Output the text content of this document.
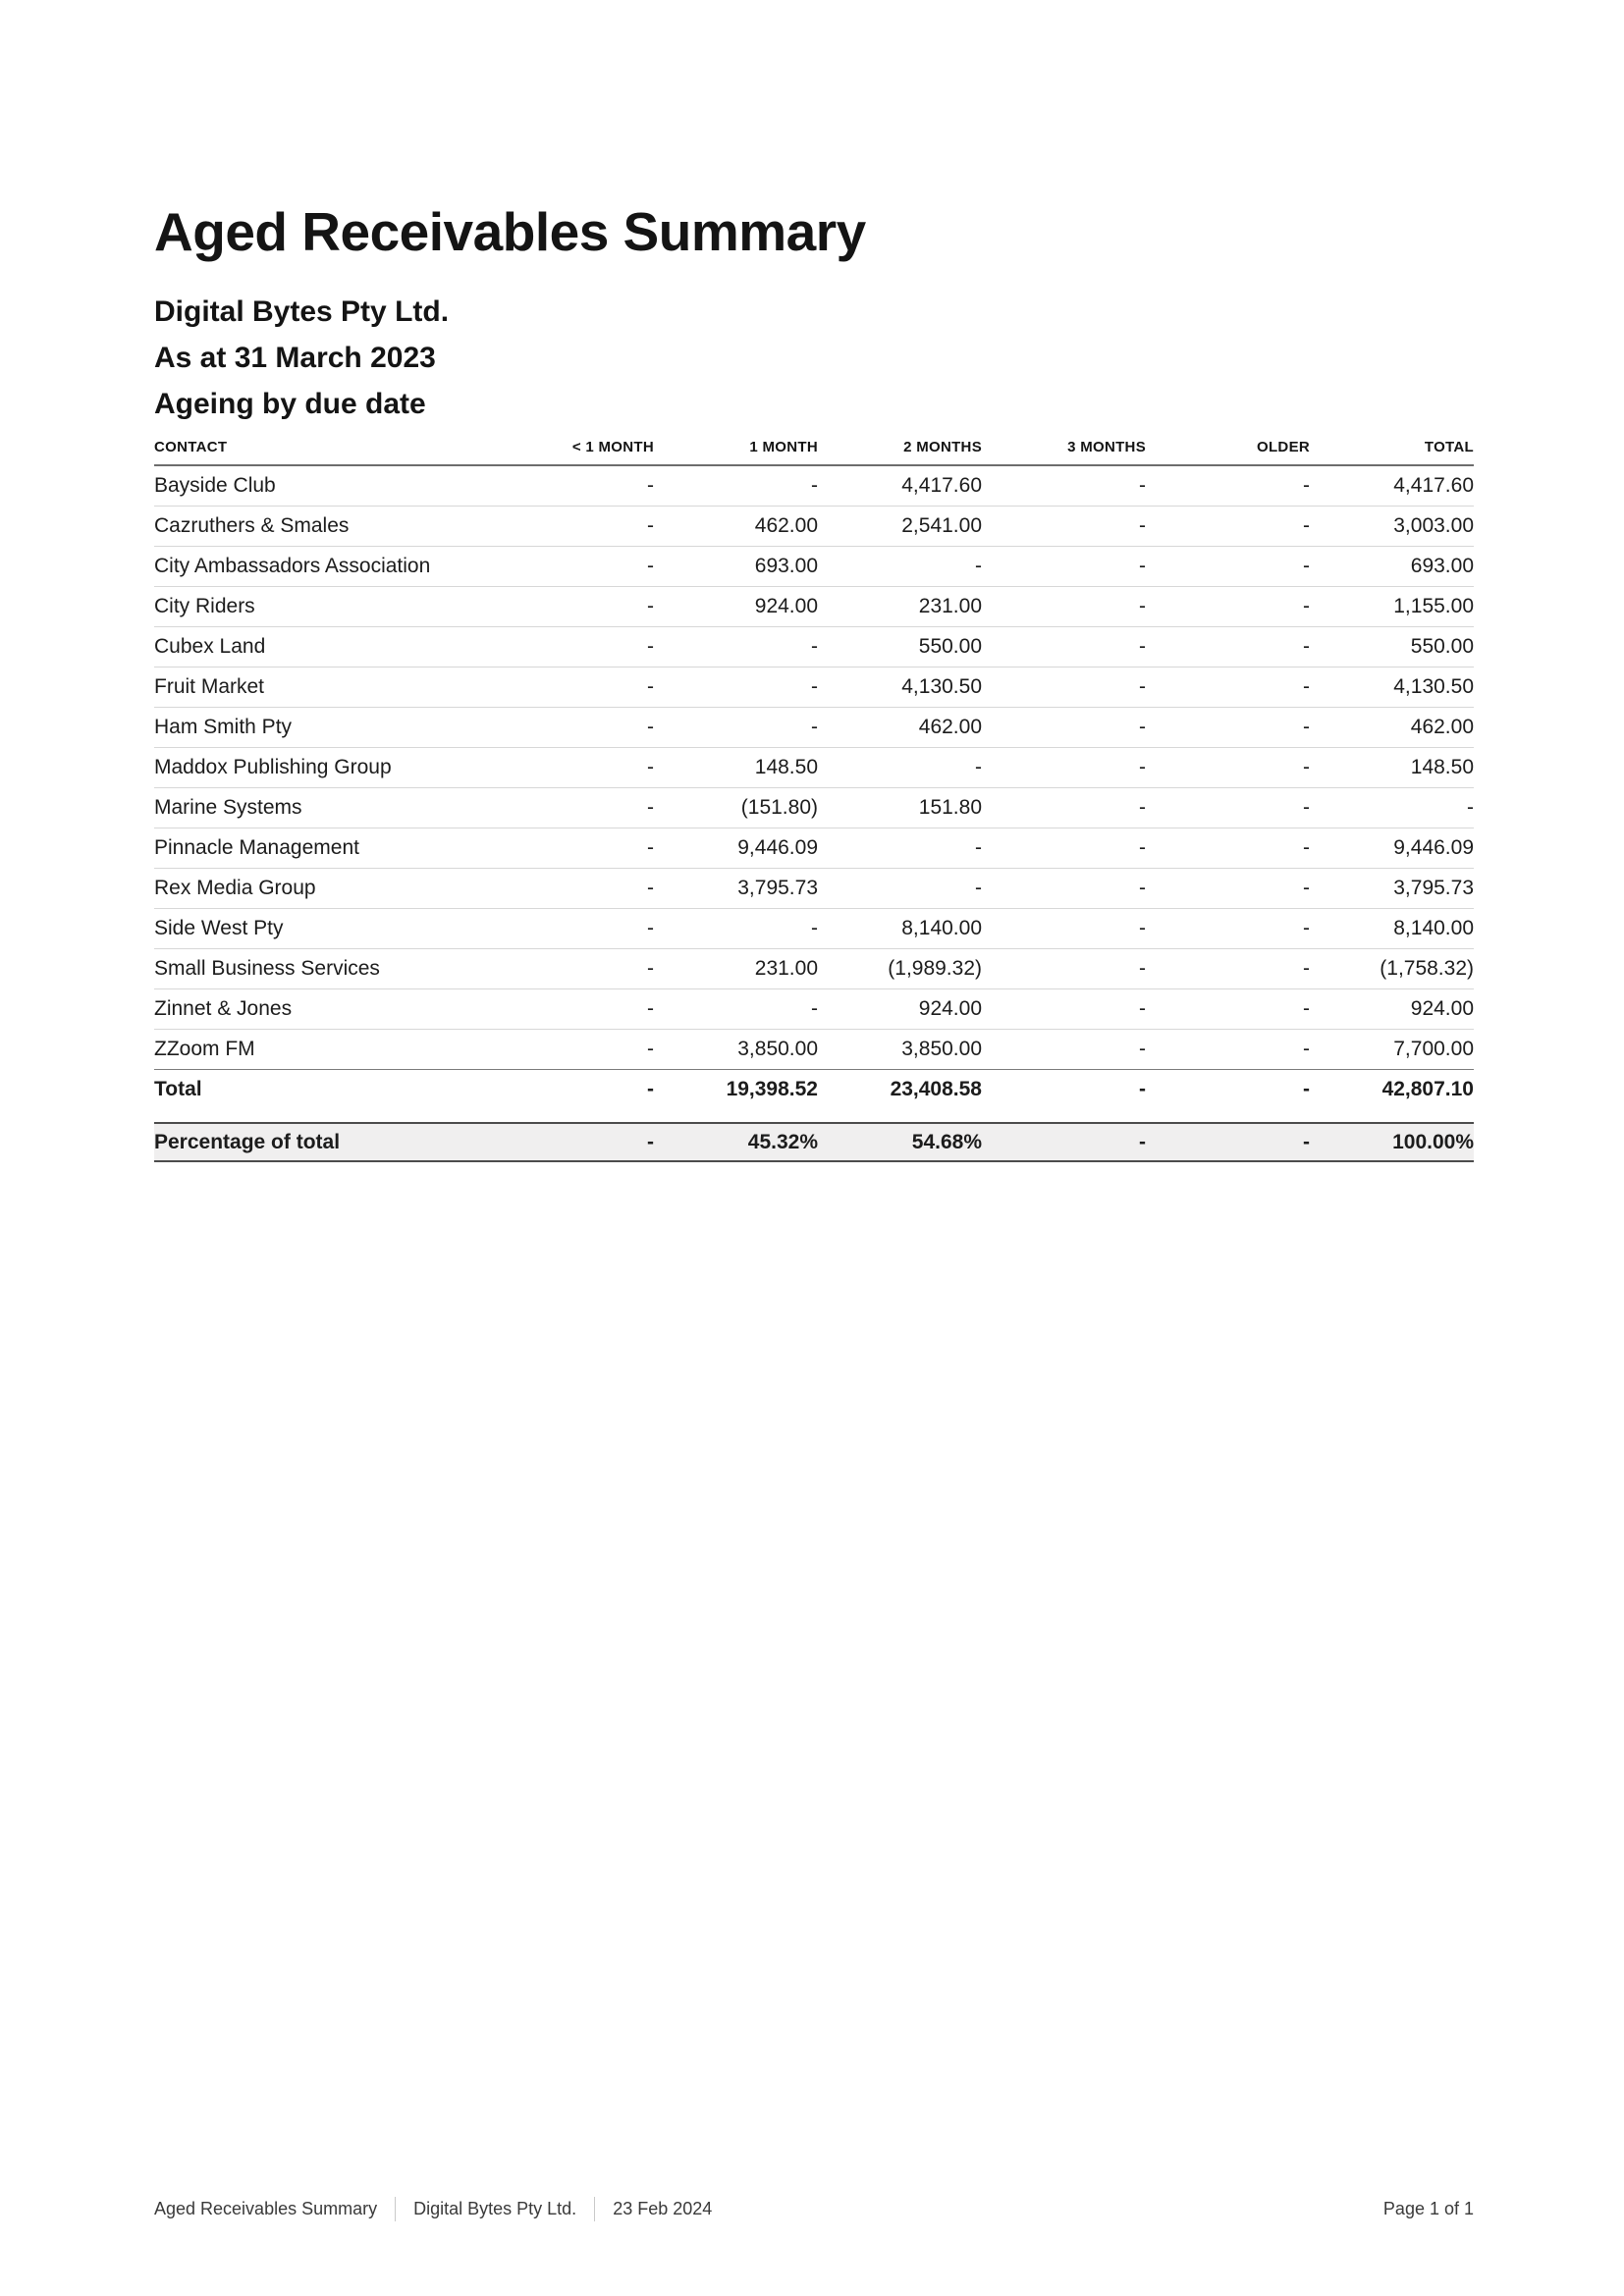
Aged Receivables Summary
Digital Bytes Pty Ltd.
As at 31 March 2023
Ageing by due date
CONTACT	< 1 MONTH	1 MONTH	2 MONTHS	3 MONTHS	OLDER	TOTAL
Bayside Club	-	-	4,417.60	-	-	4,417.60
Cazruthers & Smales	-	462.00	2,541.00	-	-	3,003.00
City Ambassadors Association	-	693.00	-	-	-	693.00
City Riders	-	924.00	231.00	-	-	1,155.00
Cubex Land	-	-	550.00	-	-	550.00
Fruit Market	-	-	4,130.50	-	-	4,130.50
Ham Smith Pty	-	-	462.00	-	-	462.00
Maddox Publishing Group	-	148.50	-	-	-	148.50
Marine Systems	-	(151.80)	151.80	-	-	-
Pinnacle Management	-	9,446.09	-	-	-	9,446.09
Rex Media Group	-	3,795.73	-	-	-	3,795.73
Side West Pty	-	-	8,140.00	-	-	8,140.00
Small Business Services	-	231.00	(1,989.32)	-	-	(1,758.32)
Zinnet & Jones	-	-	924.00	-	-	924.00
ZZoom FM	-	3,850.00	3,850.00	-	-	7,700.00
Total	-	19,398.52	23,408.58	-	-	42,807.10
Percentage of total	-	45.32%	54.68%	-	-	100.00%
Aged Receivables Summary Digital Bytes Pty Ltd. 23 Feb 2024	Page 1 of 1
